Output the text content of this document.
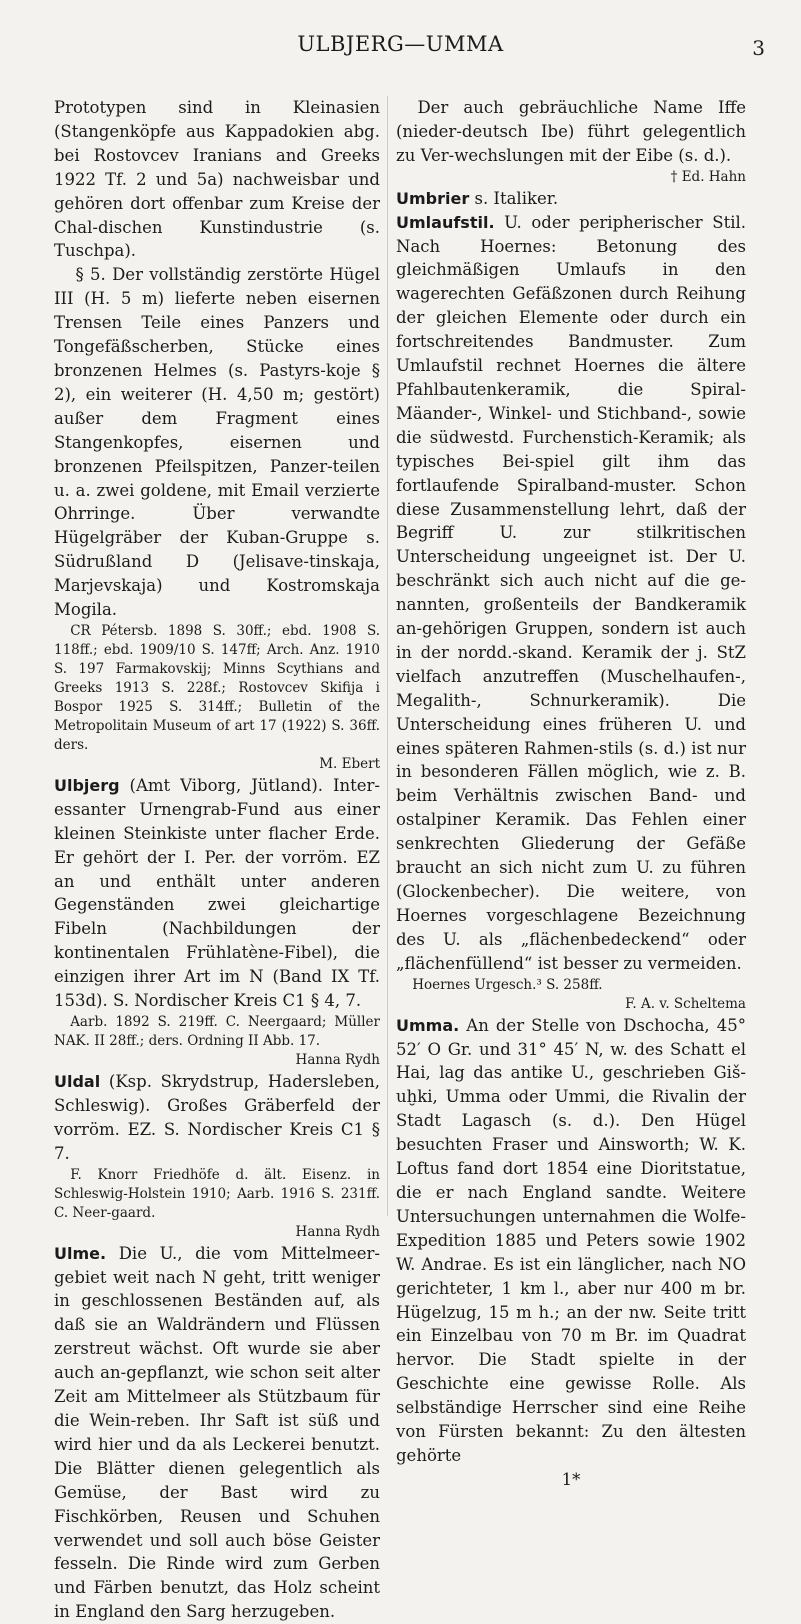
ULBJERG—UMMA	3

Prototypen sind in Kleinasien (Stangenköpfe aus Kappadokien abg. bei Rostovcev Iranians and Greeks 1922 Tf. 2 und 5a) nachweisbar und gehören dort offenbar zum Kreise der Chal-dischen Kunstindustrie (s. Tuschpa).

§ 5. Der vollständig zerstörte Hügel III (H. 5 m) lieferte neben eisernen Trensen Teile eines Panzers und Tongefäßscherben, Stücke eines bronzenen Helmes (s. Pastyrs-koje § 2), ein weiterer (H. 4,50 m; gestört) außer dem Fragment eines Stangenkopfes, eisernen und bronzenen Pfeilspitzen, Panzer-teilen u. a. zwei goldene, mit Email verzierte Ohrringe. Über verwandte Hügelgräber der Kuban-Gruppe s. Südrußland D (Jelisave-tinskaja, Marjevskaja) und Kostromskaja Mogila.

CR Pétersb. 1898 S. 30ff.; ebd. 1908 S. 118ff.; ebd. 1909/10 S. 147ff; Arch. Anz. 1910 S. 197 Farmakovskij; Minns Scythians and Greeks 1913 S. 228f.; Rostovcev Skifija i Bospor 1925 S. 314ff.; Bulletin of the Metropolitain Museum of art 17 (1922) S. 36ff. ders.

M. Ebert

Ulbjerg (Amt Viborg, Jütland). Inter-essanter Urnengrab-Fund aus einer kleinen Steinkiste unter flacher Erde. Er gehört der I. Per. der vorröm. EZ an und enthält unter anderen Gegenständen zwei gleichartige Fibeln (Nachbildungen der kontinentalen Frühlatène-Fibel), die einzigen ihrer Art im N (Band IX Tf. 153d). S. Nordischer Kreis C1 § 4, 7.

Aarb. 1892 S. 219ff. C. Neergaard; Müller NAK. II 28ff.; ders. Ordning II Abb. 17.

Hanna Rydh

Uldal (Ksp. Skrydstrup, Hadersleben, Schleswig). Großes Gräberfeld der vorröm. EZ. S. Nordischer Kreis C1 § 7.

F. Knorr Friedhöfe d. ält. Eisenz. in Schleswig-Holstein 1910; Aarb. 1916 S. 231ff. C. Neer-gaard.

Hanna Rydh

Ulme. Die U., die vom Mittelmeer-gebiet weit nach N geht, tritt weniger in geschlossenen Beständen auf, als daß sie an Waldrändern und Flüssen zerstreut wächst. Oft wurde sie aber auch an-gepflanzt, wie schon seit alter Zeit am Mittelmeer als Stützbaum für die Wein-reben. Ihr Saft ist süß und wird hier und da als Leckerei benutzt. Die Blätter dienen gelegentlich als Gemüse, der Bast wird zu Fischkörben, Reusen und Schuhen verwendet und soll auch böse Geister fesseln. Die Rinde wird zum Gerben und Färben benutzt, das Holz scheint in England den Sarg herzugeben.

Der auch gebräuchliche Name Iffe (nieder-deutsch Ibe) führt gelegentlich zu Ver-wechslungen mit der Eibe (s. d.).

† Ed. Hahn

Umbrier s. Italiker.

Umlaufstil. U. oder peripherischer Stil. Nach Hoernes: Betonung des gleichmäßigen Umlaufs in den wagerechten Gefäßzonen durch Reihung der gleichen Elemente oder durch ein fortschreitendes Bandmuster. Zum Umlaufstil rechnet Hoernes die ältere Pfahlbautenkeramik, die Spiral-Mäander-, Winkel- und Stichband-, sowie die südwestd. Furchenstich-Keramik; als typisches Bei-spiel gilt ihm das fortlaufende Spiralband-muster. Schon diese Zusammenstellung lehrt, daß der Begriff U. zur stilkritischen Unterscheidung ungeeignet ist. Der U. beschränkt sich auch nicht auf die ge-nannten, großenteils der Bandkeramik an-gehörigen Gruppen, sondern ist auch in der nordd.-skand. Keramik der j. StZ vielfach anzutreffen (Muschelhaufen-, Megalith-, Schnurkeramik). Die Unterscheidung eines früheren U. und eines späteren Rahmen-stils (s. d.) ist nur in besonderen Fällen möglich, wie z. B. beim Verhältnis zwischen Band- und ostalpiner Keramik. Das Fehlen einer senkrechten Gliederung der Gefäße braucht an sich nicht zum U. zu führen (Glockenbecher). Die weitere, von Hoernes vorgeschlagene Bezeichnung des U. als „flächenbedeckend“ oder „flächenfüllend“ ist besser zu vermeiden.

Hoernes Urgesch.³ S. 258ff.

F. A. v. Scheltema

Umma. An der Stelle von Dschocha, 45° 52′ O Gr. und 31° 45′ N, w. des Schatt el Hai, lag das antike U., geschrieben Giš-uḫki, Umma oder Ummi, die Rivalin der Stadt Lagasch (s. d.). Den Hügel besuchten Fraser und Ainsworth; W. K. Loftus fand dort 1854 eine Dioritstatue, die er nach England sandte. Weitere Untersuchungen unternahmen die Wolfe-Expedition 1885 und Peters sowie 1902 W. Andrae. Es ist ein länglicher, nach NO gerichteter, 1 km l., aber nur 400 m br. Hügelzug, 15 m h.; an der nw. Seite tritt ein Einzelbau von 70 m Br. im Quadrat hervor. Die Stadt spielte in der Geschichte eine gewisse Rolle. Als selbständige Herrscher sind eine Reihe von Fürsten bekannt: Zu den ältesten gehörte

1*
